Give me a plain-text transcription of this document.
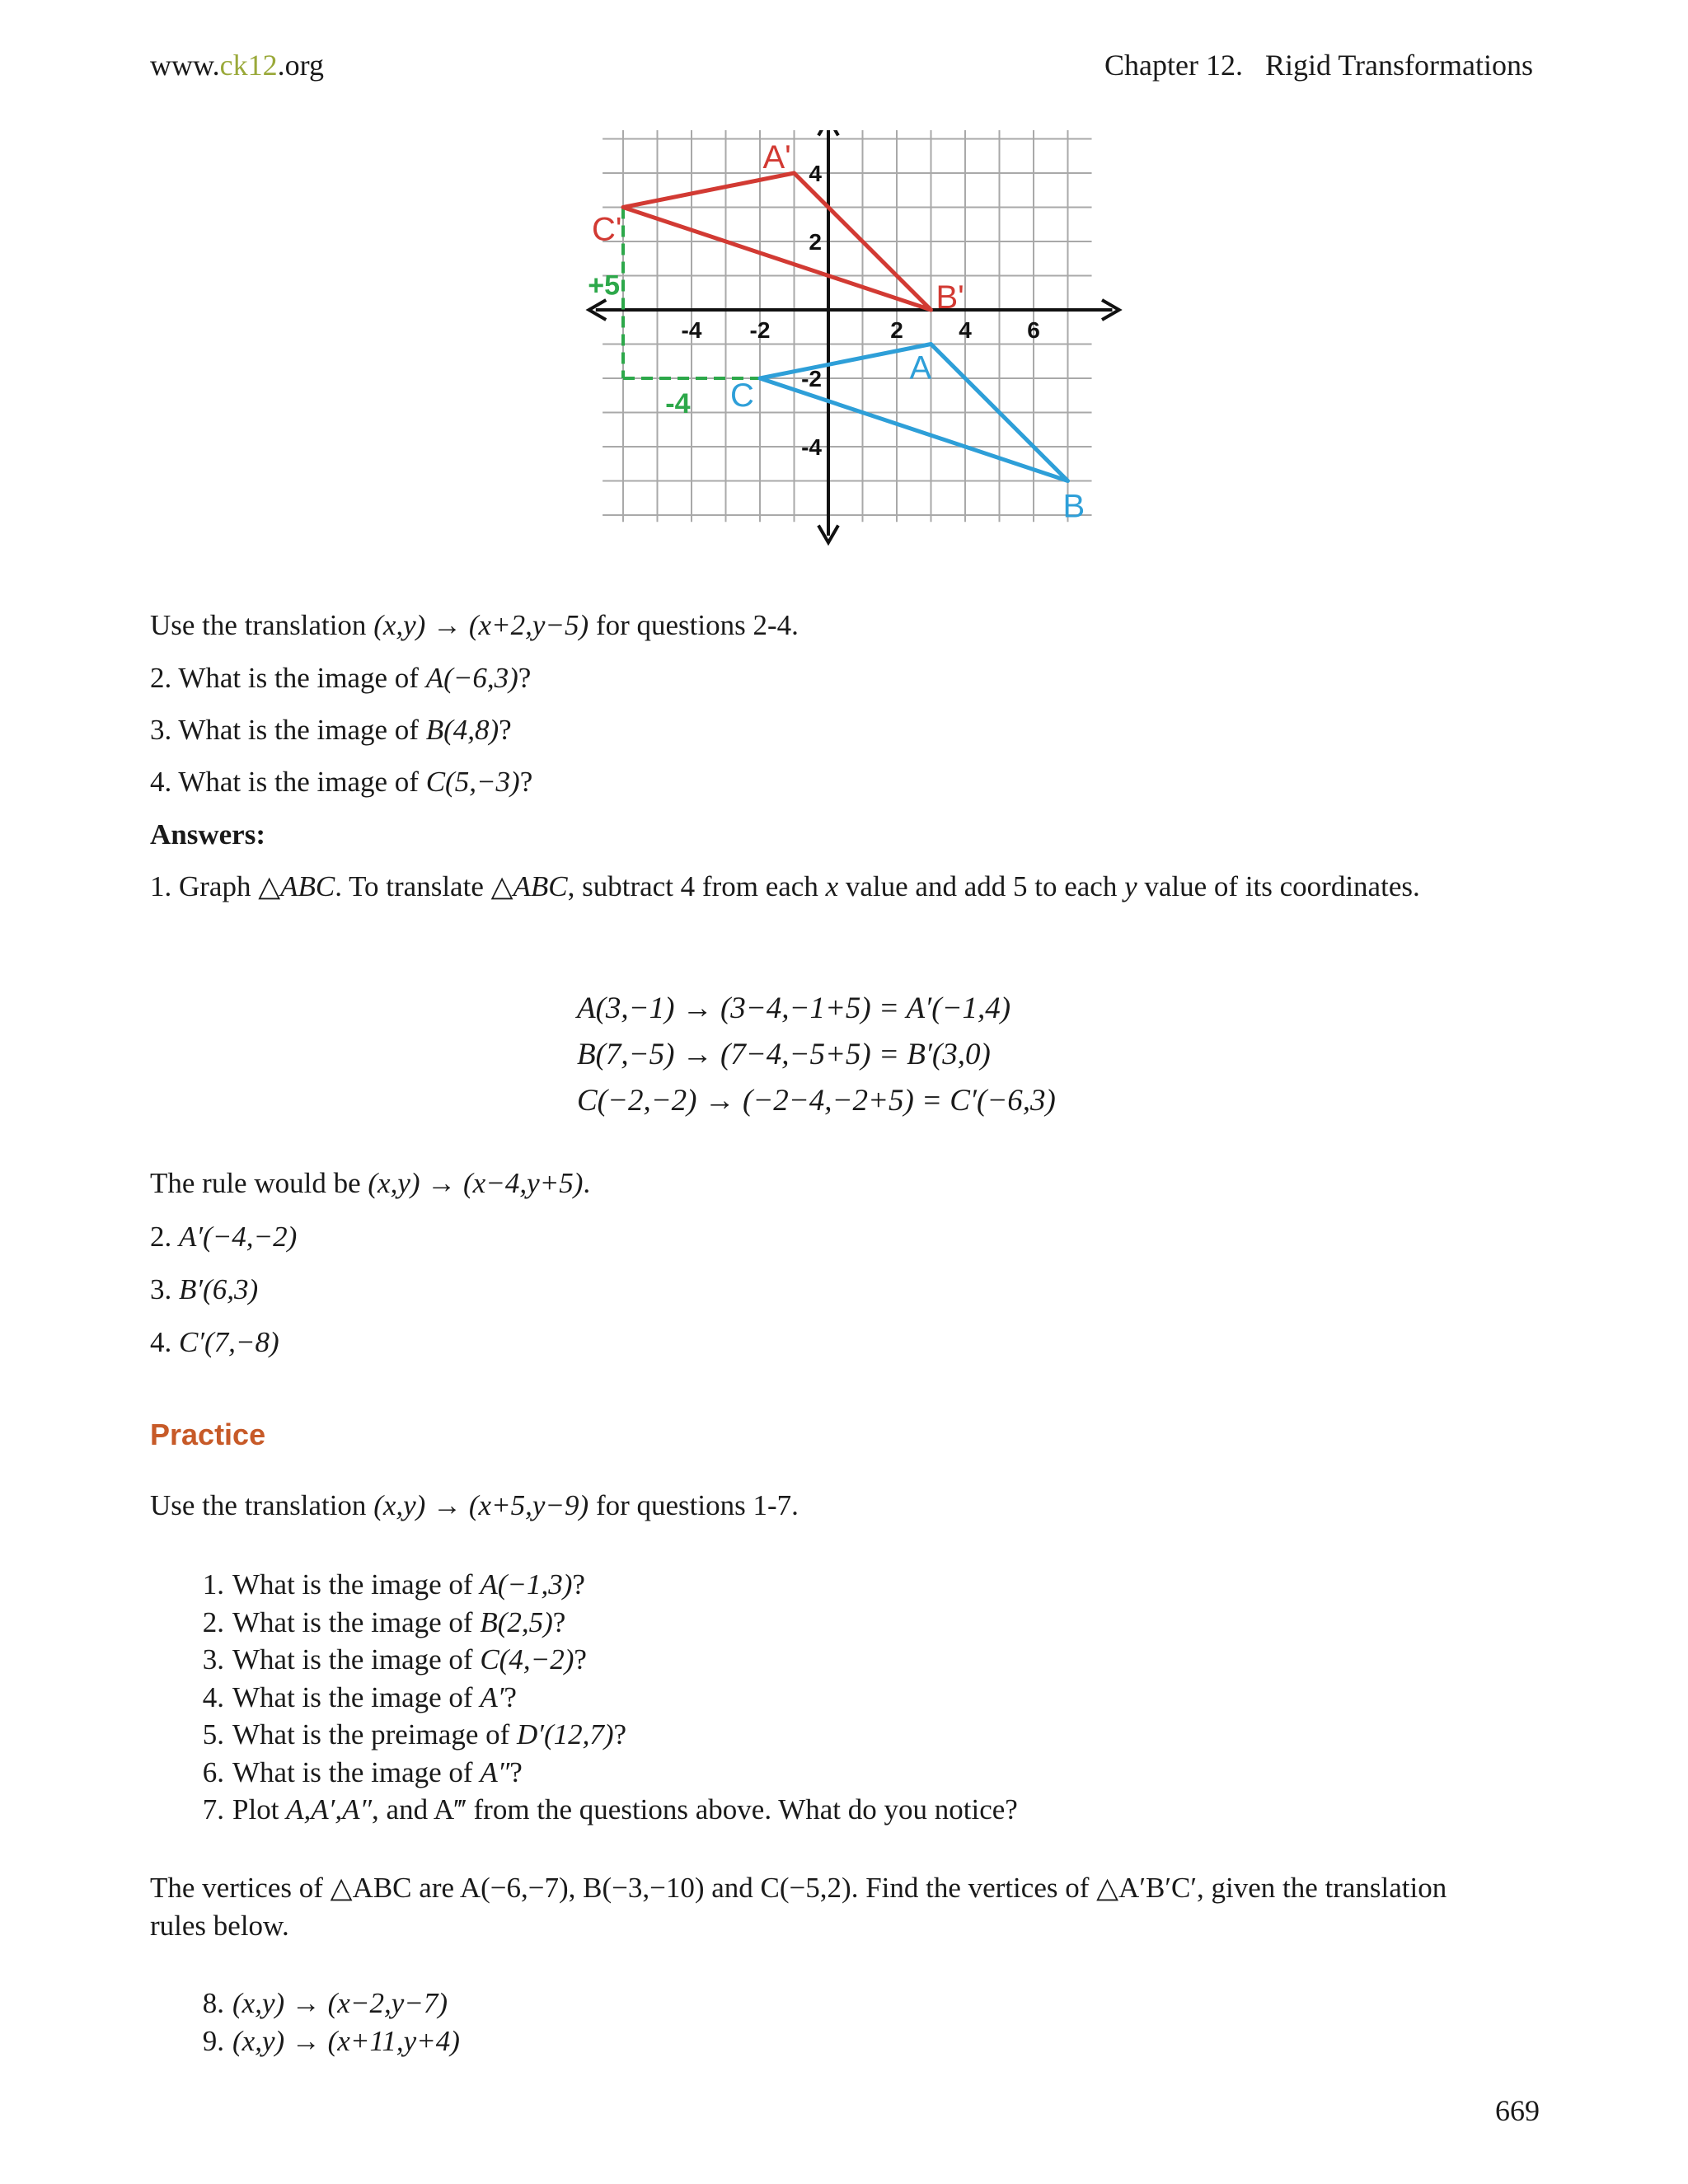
www.ck12.org	Chapter 12.   Rigid Transformations
-4 -2	2 4 6
4
2
-2
-4
+5
-4
A'
B'
C'
A
B
C
Use the translation (x,y) → (x+2,y−5) for questions 2-4.
2. What is the image of A(−6,3)?
3. What is the image of B(4,8)?
4. What is the image of C(5,−3)?
Answers:
1. Graph △ABC. To translate △ABC, subtract 4 from each x value and add 5 to each y value of its coordinates.
A(3,−1) → (3−4,−1+5) = A′(−1,4)
B(7,−5) → (7−4,−5+5) = B′(3,0)
C(−2,−2) → (−2−4,−2+5) = C′(−6,3)
The rule would be (x,y) → (x−4,y+5).
2. A′(−4,−2)
3. B′(6,3)
4. C′(7,−8)
Practice
Use the translation (x,y) → (x+5,y−9) for questions 1-7.
1. What is the image of A(−1,3)?
2. What is the image of B(2,5)?
3. What is the image of C(4,−2)?
4. What is the image of A′?
5. What is the preimage of D′(12,7)?
6. What is the image of A″?
7. Plot A,A′,A″, and A‴ from the questions above. What do you notice?
The vertices of △ABC are A(−6,−7), B(−3,−10) and C(−5,2). Find the vertices of △A′B′C′, given the translation
rules below.
8. (x,y) → (x−2,y−7)
9. (x,y) → (x+11,y+4)
669
